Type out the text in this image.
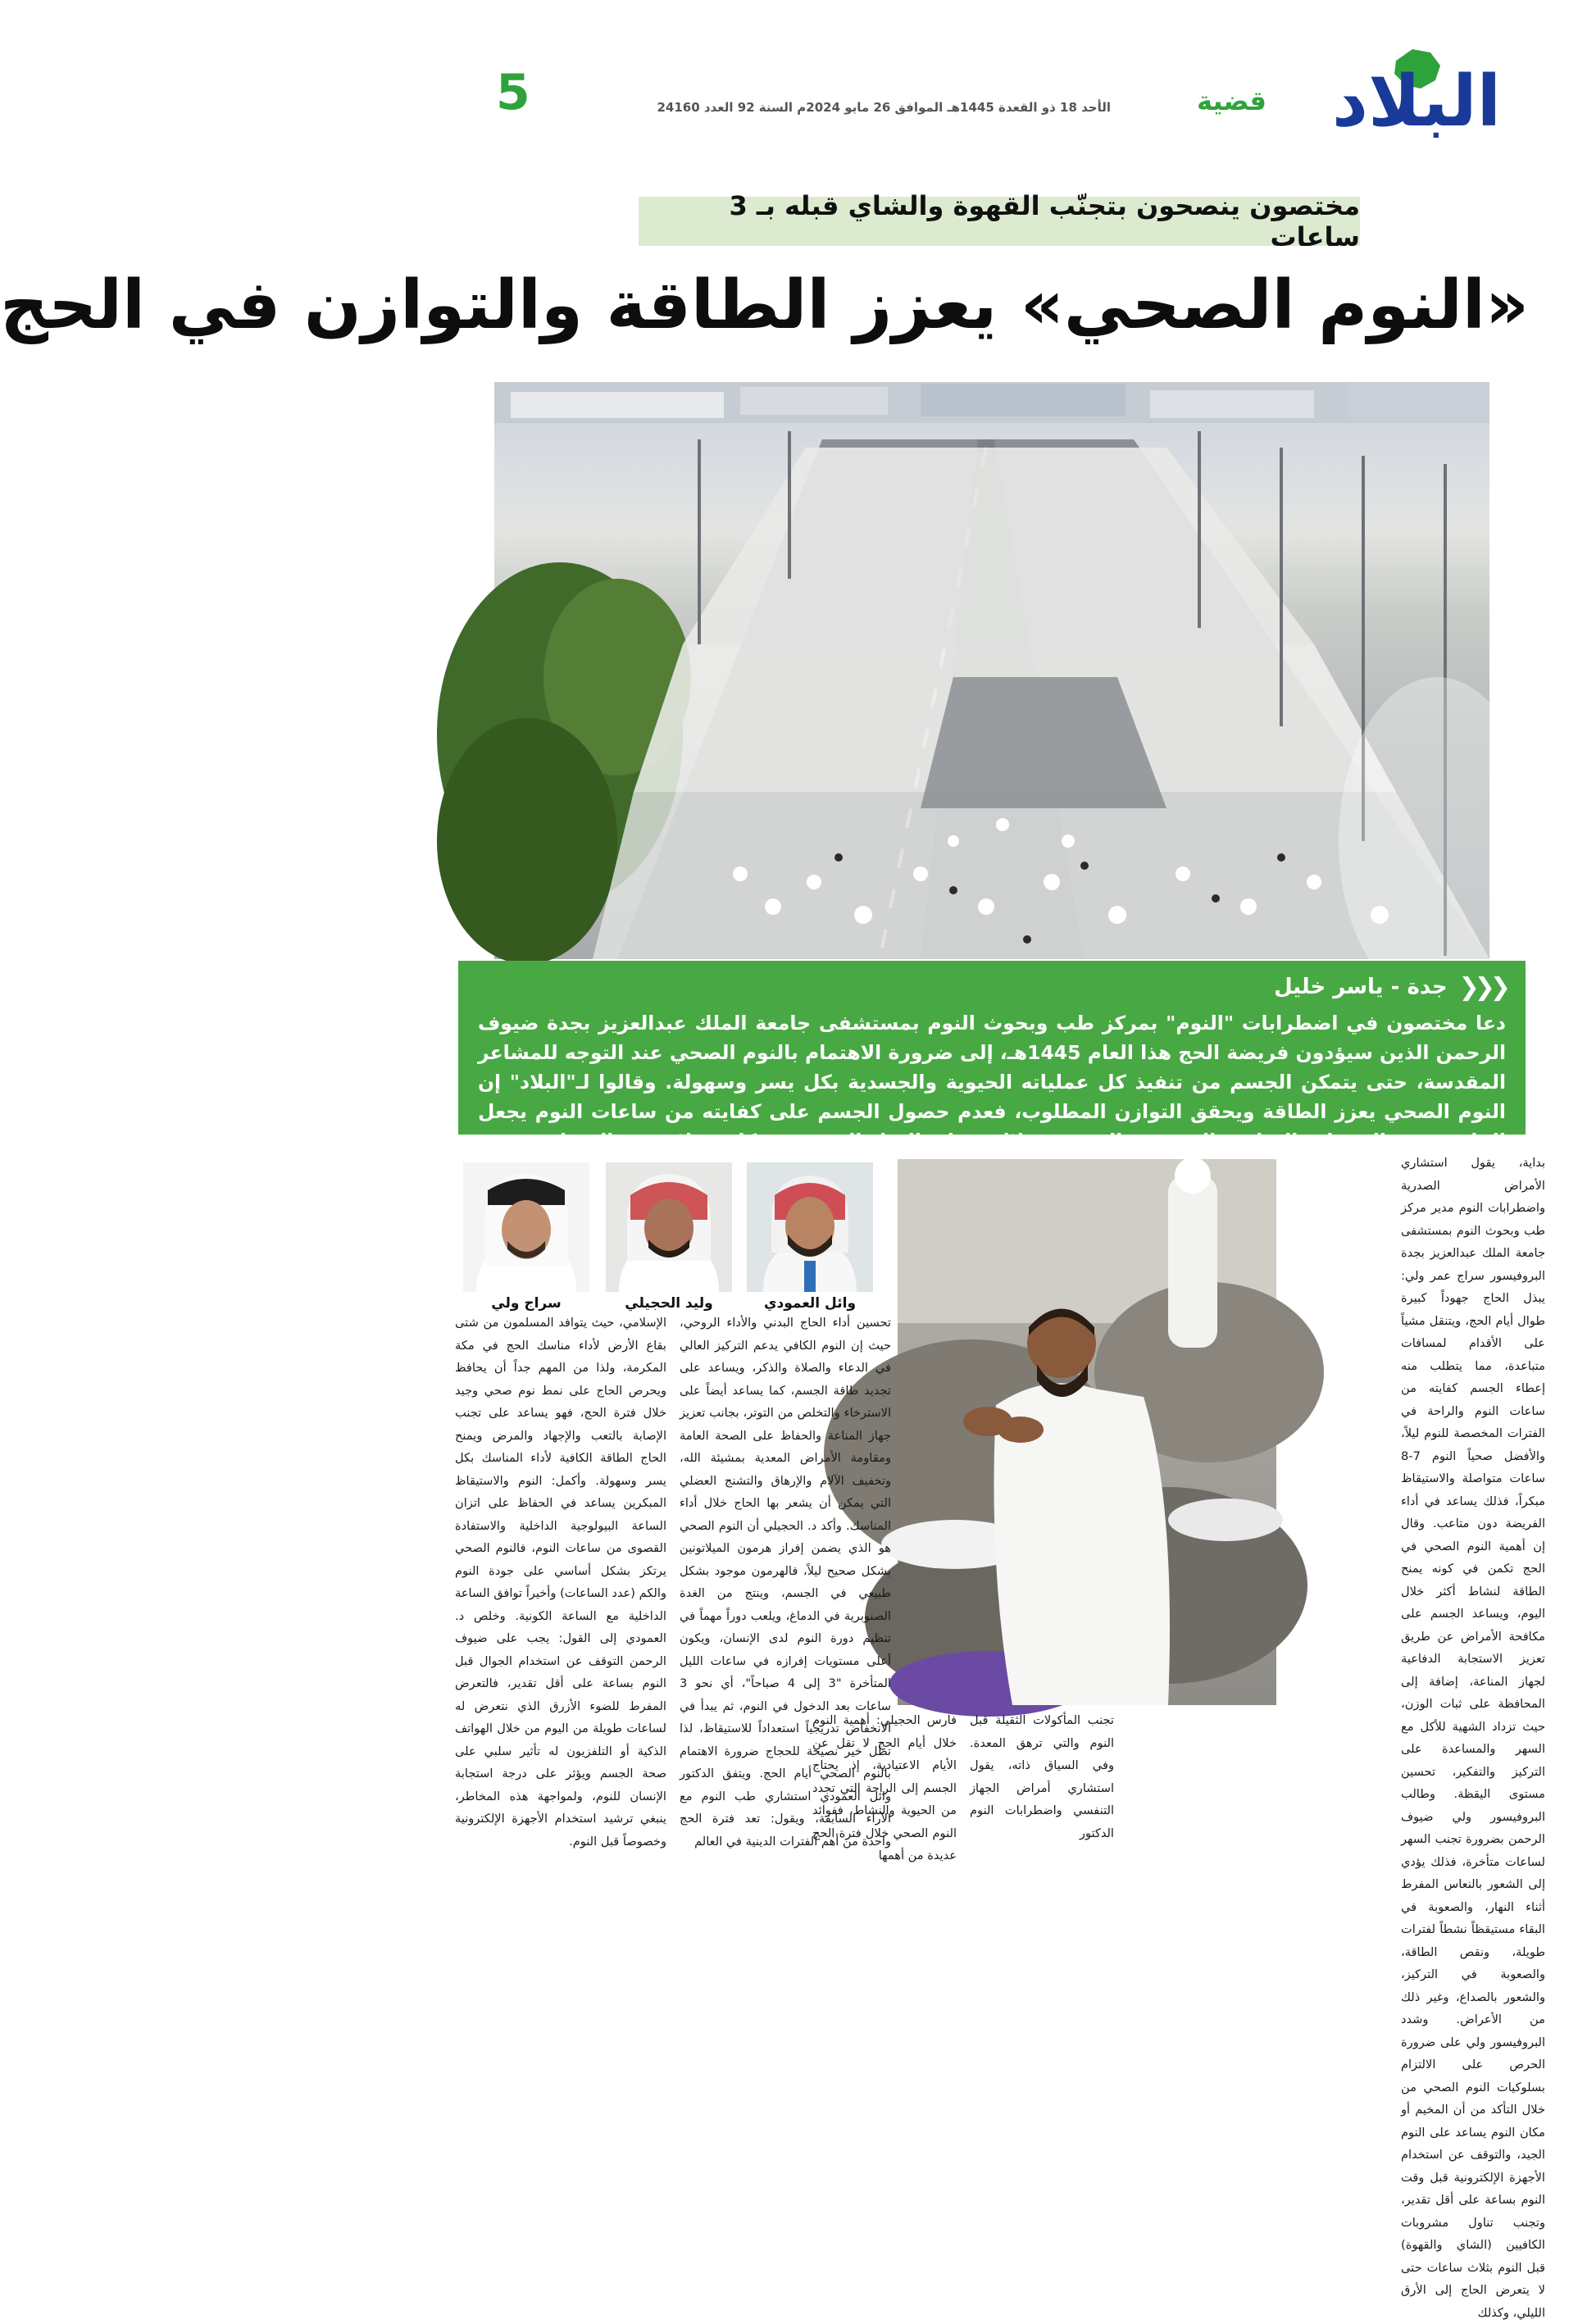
البلاد
قضية
الأحد 18 ذو القعدة 1445هـ الموافق 26 مايو 2024م السنة 92 العدد 24160
5
مختصون ينصحون بتجنّب القهوة والشاي قبله بـ 3 ساعات
«النوم الصحي» يعزز الطاقة والتوازن في الحج
❮❮❮
جدة - ياسر خليل

دعا مختصون في اضطرابات "النوم" بمركز طب وبحوث النوم بمستشفى جامعة الملك عبدالعزيز بجدة ضيوف الرحمن الذين سيؤدون فريضة الحج هذا العام 1445هـ، إلى ضرورة الاهتمام بالنوم الصحي عند التوجه للمشاعر المقدسة، حتى يتمكن الجسم من تنفيذ كل عملياته الحيوية والجسدية بكل يسر وسهولة. وقالوا لـ"البلاد" إن النوم الصحي يعزز الطاقة ويحقق التوازن المطلوب، فعدم حصول الجسم على كفايته من ساعات النوم يجعل الحاج يشعر بالخمول والمتاعب النفسية والجسدية خلال فترات النهار التي تشهد كل تنقلاته في المشاعر.

بداية، يقول استشاري الأمراض الصدرية واضطرابات النوم مدير مركز طب وبحوث النوم بمستشفى جامعة الملك عبدالعزيز بجدة البروفيسور سراج عمر ولي: يبذل الحاج جهوداً كبيرة طوال أيام الحج، ويتنقل مشياً على الأقدام لمسافات متباعدة، مما يتطلب منه إعطاء الجسم كفايته من ساعات النوم والراحة في الفترات المخصصة للنوم ليلاً، والأفضل صحياً النوم 7-8 ساعات متواصلة والاستيقاظ مبكراً، فذلك يساعد في أداء الفريضة دون متاعب. وقال إن أهمية النوم الصحي في الحج تكمن في كونه يمنح الطاقة لنشاط أكثر خلال اليوم، ويساعد الجسم على مكافحة الأمراض عن طريق تعزيز الاستجابة الدفاعية لجهاز المناعة، إضافة إلى المحافظة على ثبات الوزن، حيث تزداد الشهية للأكل مع السهر والمساعدة على التركيز والتفكير، تحسين مستوى اليقظة. وطالب البروفيسور ولي ضيوف الرحمن بضرورة تجنب السهر لساعات متأخرة، فذلك يؤدي إلى الشعور بالنعاس المفرط أثناء النهار، والصعوبة في البقاء مستيقظاً نشطاً لفترات طويلة، ونقص الطاقة، والصعوبة في التركيز، والشعور بالصداع، وغير ذلك من الأعراض. وشدد البروفيسور ولي على ضرورة الحرص على الالتزام بسلوكيات النوم الصحي من خلال التأكد من أن المخيم أو مكان النوم يساعد على النوم الجيد، والتوقف عن استخدام الأجهزة الإلكترونية قبل وقت النوم بساعة على أقل تقدير، وتجنب تناول مشروبات الكافيين (الشاي والقهوة) قبل النوم بثلاث ساعات حتى لا يتعرض الحاج إلى الأرق الليلي، وكذلك

تجنب المأكولات الثقيلة قبل النوم والتي ترهق المعدة. وفي السياق ذاته، يقول استشاري أمراض الجهاز التنفسي واضطرابات النوم الدكتور

فارس الحجيلي: أهمية النوم خلال أيام الحج لا تقل عن الأيام الاعتيادية، إذ يحتاج الجسم إلى الراحة التي تجدد من الحيوية والنشاط، ففوائد النوم الصحي خلال فترة الحج عديدة من أهمها

وائل العمودي
وليد الحجيلي
سراج ولي

تحسين أداء الحاج البدني والأداء الروحي، حيث إن النوم الكافي يدعم التركيز العالي في الدعاء والصلاة والذكر، ويساعد على تجديد طاقة الجسم، كما يساعد أيضاً على الاسترخاء والتخلص من التوتر، بجانب تعزيز جهاز المناعة والحفاظ على الصحة العامة ومقاومة الأمراض المعدية بمشيئة الله، وتخفيف الآلام والإرهاق والتشنج العضلي التي يمكن أن يشعر بها الحاج خلال أداء المناسك. وأكد د. الحجيلي أن النوم الصحي هو الذي يضمن إفراز هرمون الميلاتونين بشكل صحيح ليلاً، فالهرمون موجود بشكل طبيعي في الجسم، وينتج من الغدة الصنوبرية في الدماغ، ويلعب دوراً مهماً في تنظيم دورة النوم لدى الإنسان، ويكون أعلى مستويات إفرازه في ساعات الليل المتأخرة "3 إلى 4 صباحاً"، أي نحو 3 ساعات بعد الدخول في النوم، ثم يبدأ في الانخفاض تدريجياً استعداداً للاستيقاظ، لذا تظل خير نصيحة للحجاج ضرورة الاهتمام بالنوم الصحي أيام الحج. ويتفق الدكتور وائل العمودي استشاري طب النوم مع الآراء السابقة، ويقول: تعد فترة الحج واحدة من أهم الفترات الدينية في العالم

الإسلامي، حيث يتوافد المسلمون من شتى بقاع الأرض لأداء مناسك الحج في مكة المكرمة، ولذا من المهم جداً أن يحافظ ويحرص الحاج على نمط نوم صحي وجيد خلال فترة الحج، فهو يساعد على تجنب الإصابة بالتعب والإجهاد والمرض ويمنح الحاج الطاقة الكافية لأداء المناسك بكل يسر وسهولة. وأكمل: النوم والاستيقاظ المبكرين يساعد في الحفاظ على اتزان الساعة البيولوجية الداخلية والاستفادة القصوى من ساعات النوم، فالنوم الصحي يرتكز بشكل أساسي على جودة النوم والكم (عدد الساعات) وأخيراً توافق الساعة الداخلية مع الساعة الكونية. وخلص د. العمودي إلى القول: يجب على ضيوف الرحمن التوقف عن استخدام الجوال قبل النوم بساعة على أقل تقدير، فالتعرض المفرط للضوء الأزرق الذي نتعرض له لساعات طويلة من اليوم من خلال الهواتف الذكية أو التلفزيون له تأثير سلبي على صحة الجسم ويؤثر على درجة استجابة الإنسان للنوم، ولمواجهة هذه المخاطر، ينبغي ترشيد استخدام الأجهزة الإلكترونية وخصوصاً قبل النوم.
